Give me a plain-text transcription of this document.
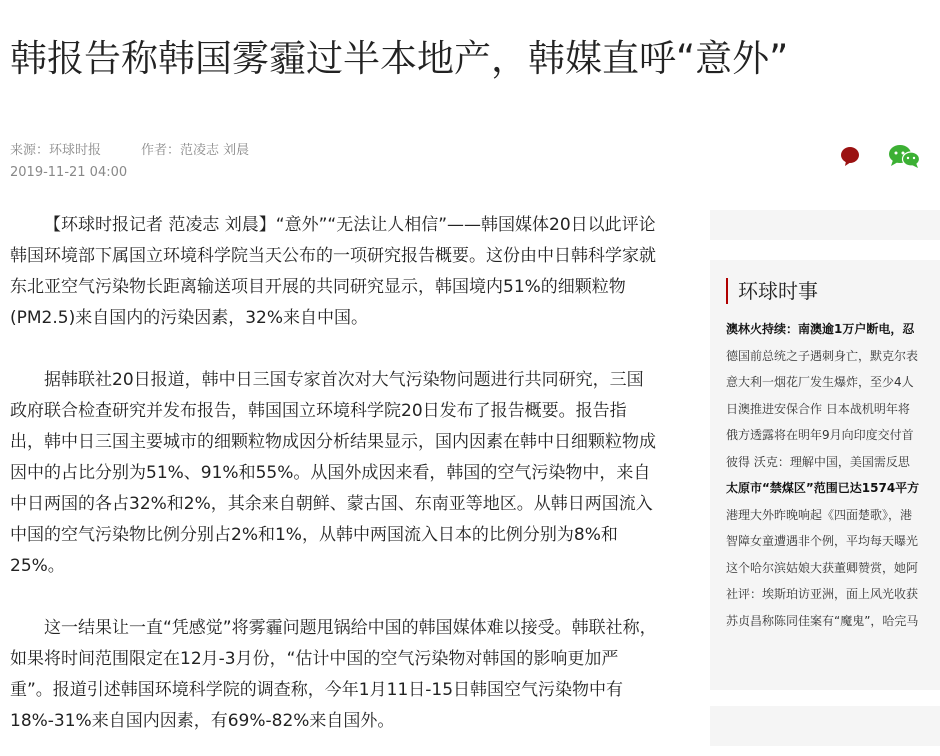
韩报告称韩国雾霾过半本地产，韩媒直呼“意外”
来源：环球时报	作者：范凌志 刘晨
2019-11-21 04:00

【环球时报记者 范凌志 刘晨】“意外”“无法让人相信”——韩国媒体20日以此评论韩国环境部下属国立环境科学院当天公布的一项研究报告概要。这份由中日韩科学家就东北亚空气污染物长距离输送项目开展的共同研究显示，韩国境内51%的细颗粒物(PM2.5)来自国内的污染因素，32%来自中国。

据韩联社20日报道，韩中日三国专家首次对大气污染物问题进行共同研究，三国政府联合检查研究并发布报告，韩国国立环境科学院20日发布了报告概要。报告指出，韩中日三国主要城市的细颗粒物成因分析结果显示，国内因素在韩中日细颗粒物成因中的占比分别为51%、91%和55%。从国外成因来看，韩国的空气污染物中，来自中日两国的各占32%和2%，其余来自朝鲜、蒙古国、东南亚等地区。从韩日两国流入中国的空气污染物比例分别占2%和1%，从韩中两国流入日本的比例分别为8%和25%。

这一结果让一直“凭感觉”将雾霾问题甩锅给中国的韩国媒体难以接受。韩联社称，如果将时间范围限定在12月-3月份，“估计中国的空气污染物对韩国的影响更加严重”。报道引述韩国环境科学院的调查称，今年1月11日-15日韩国空气污染物中有18%-31%来自国内因素，有69%-82%来自国外。

环球时事
澳林火持续：南澳逾1万户断电，忍
德国前总统之子遇刺身亡，默克尔表
意大利一烟花厂发生爆炸，至少4人
日澳推进安保合作 日本战机明年将
俄方透露将在明年9月向印度交付首
彼得 沃克：理解中国，美国需反思
太原市“禁煤区”范围已达1574平方
港理大外昨晚响起《四面楚歌》，港
智障女童遭遇非个例，平均每天曝光
这个哈尔滨姑娘大获董卿赞赏，她阿
社评：埃斯珀访亚洲，面上风光收获
苏贞昌称陈同佳案有“魔鬼”，哈完马
